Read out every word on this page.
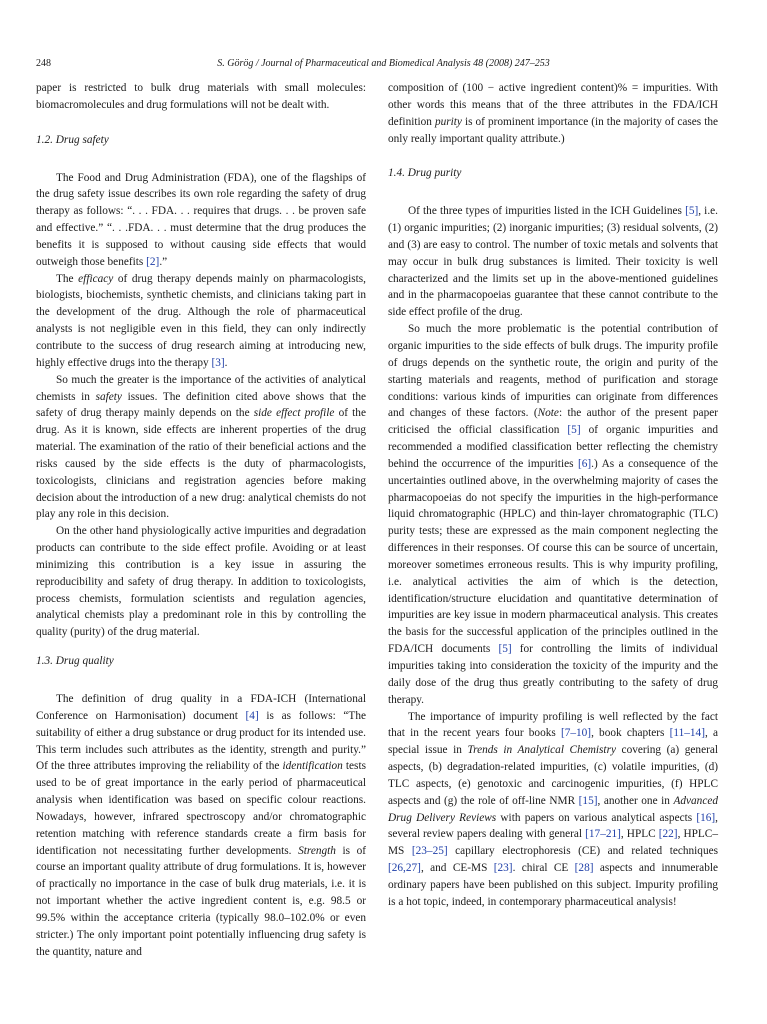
248	S. Görög / Journal of Pharmaceutical and Biomedical Analysis 48 (2008) 247–253

paper is restricted to bulk drug materials with small molecules: biomacromolecules and drug formulations will not be dealt with.

1.2. Drug safety

The Food and Drug Administration (FDA), one of the flagships of the drug safety issue describes its own role regarding the safety of drug therapy as follows: “. . . FDA. . . requires that drugs. . . be proven safe and effective.” “. . .FDA. . . must determine that the drug produces the benefits it is supposed to without causing side effects that would outweigh those benefits [2].”

The efficacy of drug therapy depends mainly on pharmacologists, biologists, biochemists, synthetic chemists, and clinicians taking part in the development of the drug. Although the role of pharmaceutical analysts is not negligible even in this field, they can only indirectly contribute to the success of drug research aiming at introducing new, highly effective drugs into the therapy [3].

So much the greater is the importance of the activities of analytical chemists in safety issues. The definition cited above shows that the safety of drug therapy mainly depends on the side effect profile of the drug. As it is known, side effects are inherent properties of the drug material. The examination of the ratio of their beneficial actions and the risks caused by the side effects is the duty of pharmacologists, toxicologists, clinicians and registration agencies before making decision about the introduction of a new drug: analytical chemists do not play any role in this decision.

On the other hand physiologically active impurities and degradation products can contribute to the side effect profile. Avoiding or at least minimizing this contribution is a key issue in assuring the reproducibility and safety of drug therapy. In addition to toxicologists, process chemists, formulation scientists and regulation agencies, analytical chemists play a predominant role in this by controlling the quality (purity) of the drug material.

1.3. Drug quality

The definition of drug quality in a FDA-ICH (International Conference on Harmonisation) document [4] is as follows: “The suitability of either a drug substance or drug product for its intended use. This term includes such attributes as the identity, strength and purity.” Of the three attributes improving the reliability of the identification tests used to be of great importance in the early period of pharmaceutical analysis when identification was based on specific colour reactions. Nowadays, however, infrared spectroscopy and/or chromatographic retention matching with reference standards create a firm basis for identification not necessitating further developments. Strength is of course an important quality attribute of drug formulations. It is, however of practically no importance in the case of bulk drug materials, i.e. it is not important whether the active ingredient content is, e.g. 98.5 or 99.5% within the acceptance criteria (typically 98.0–102.0% or even stricter.) The only important point potentially influencing drug safety is the quantity, nature and

composition of (100 − active ingredient content)% = impurities. With other words this means that of the three attributes in the FDA/ICH definition purity is of prominent importance (in the majority of cases the only really important quality attribute.)

1.4. Drug purity

Of the three types of impurities listed in the ICH Guidelines [5], i.e. (1) organic impurities; (2) inorganic impurities; (3) residual solvents, (2) and (3) are easy to control. The number of toxic metals and solvents that may occur in bulk drug substances is limited. Their toxicity is well characterized and the limits set up in the above-mentioned guidelines and in the pharmacopoeias guarantee that these cannot contribute to the side effect profile of the drug.

So much the more problematic is the potential contribution of organic impurities to the side effects of bulk drugs. The impurity profile of drugs depends on the synthetic route, the origin and purity of the starting materials and reagents, method of purification and storage conditions: various kinds of impurities can originate from differences and changes of these factors. (Note: the author of the present paper criticised the official classification [5] of organic impurities and recommended a modified classification better reflecting the chemistry behind the occurrence of the impurities [6].) As a consequence of the uncertainties outlined above, in the overwhelming majority of cases the pharmacopoeias do not specify the impurities in the high-performance liquid chromatographic (HPLC) and thin-layer chromatographic (TLC) purity tests; these are expressed as the main component neglecting the differences in their responses. Of course this can be source of uncertain, moreover sometimes erroneous results. This is why impurity profiling, i.e. analytical activities the aim of which is the detection, identification/structure elucidation and quantitative determination of impurities are key issue in modern pharmaceutical analysis. This creates the basis for the successful application of the principles outlined in the FDA/ICH documents [5] for controlling the limits of individual impurities taking into consideration the toxicity of the impurity and the daily dose of the drug thus greatly contributing to the safety of drug therapy.

The importance of impurity profiling is well reflected by the fact that in the recent years four books [7–10], book chapters [11–14], a special issue in Trends in Analytical Chemistry covering (a) general aspects, (b) degradation-related impurities, (c) volatile impurities, (d) TLC aspects, (e) genotoxic and carcinogenic impurities, (f) HPLC aspects and (g) the role of off-line NMR [15], another one in Advanced Drug Delivery Reviews with papers on various analytical aspects [16], several review papers dealing with general [17–21], HPLC [22], HPLC–MS [23–25] capillary electrophoresis (CE) and related techniques [26,27], and CE-MS [23]. chiral CE [28] aspects and innumerable ordinary papers have been published on this subject. Impurity profiling is a hot topic, indeed, in contemporary pharmaceutical analysis!
